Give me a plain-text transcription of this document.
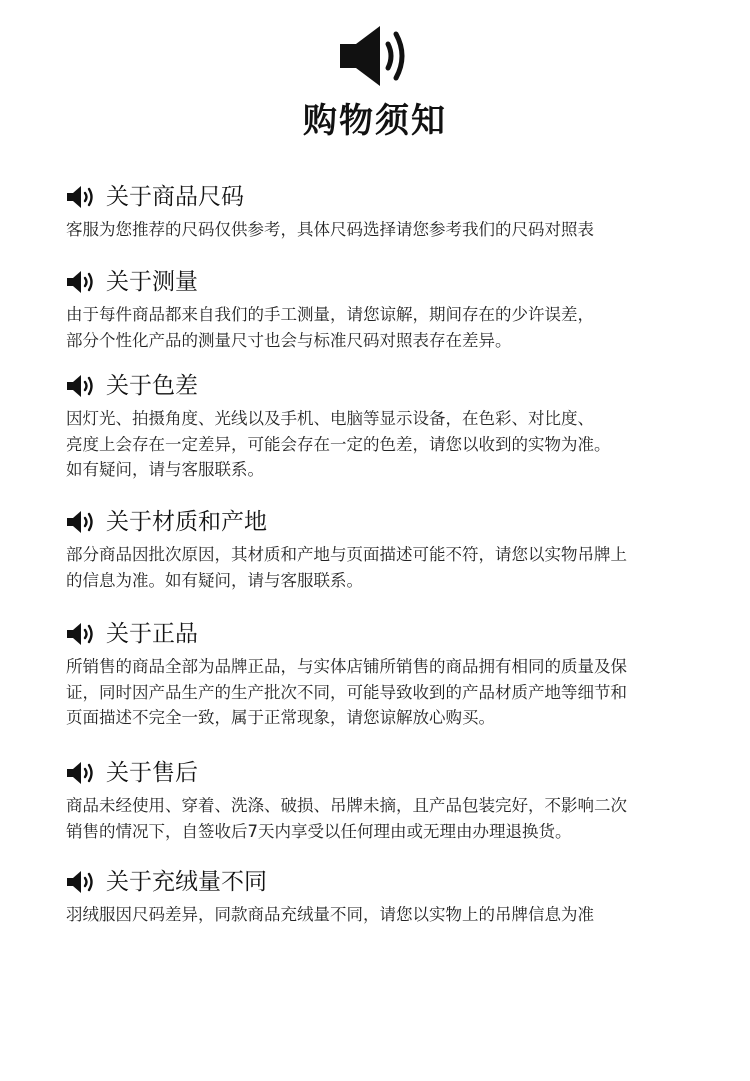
购物须知
关于商品尺码
客服为您推荐的尺码仅供参考，具体尺码选择请您参考我们的尺码对照表
关于测量
由于每件商品都来自我们的手工测量，请您谅解，期间存在的少许误差，
部分个性化产品的测量尺寸也会与标准尺码对照表存在差异。
关于色差
因灯光、拍摄角度、光线以及手机、电脑等显示设备，在色彩、对比度、
亮度上会存在一定差异，可能会存在一定的色差，请您以收到的实物为准。
如有疑问，请与客服联系。
关于材质和产地
部分商品因批次原因，其材质和产地与页面描述可能不符，请您以实物吊牌上
的信息为准。如有疑问，请与客服联系。
关于正品
所销售的商品全部为品牌正品，与实体店铺所销售的商品拥有相同的质量及保
证，同时因产品生产的生产批次不同，可能导致收到的产品材质产地等细节和
页面描述不完全一致，属于正常现象，请您谅解放心购买。
关于售后
商品未经使用、穿着、洗涤、破损、吊牌未摘，且产品包装完好，不影响二次
销售的情况下，自签收后7天内享受以任何理由或无理由办理退换货。
关于充绒量不同
羽绒服因尺码差异，同款商品充绒量不同，请您以实物上的吊牌信息为准
